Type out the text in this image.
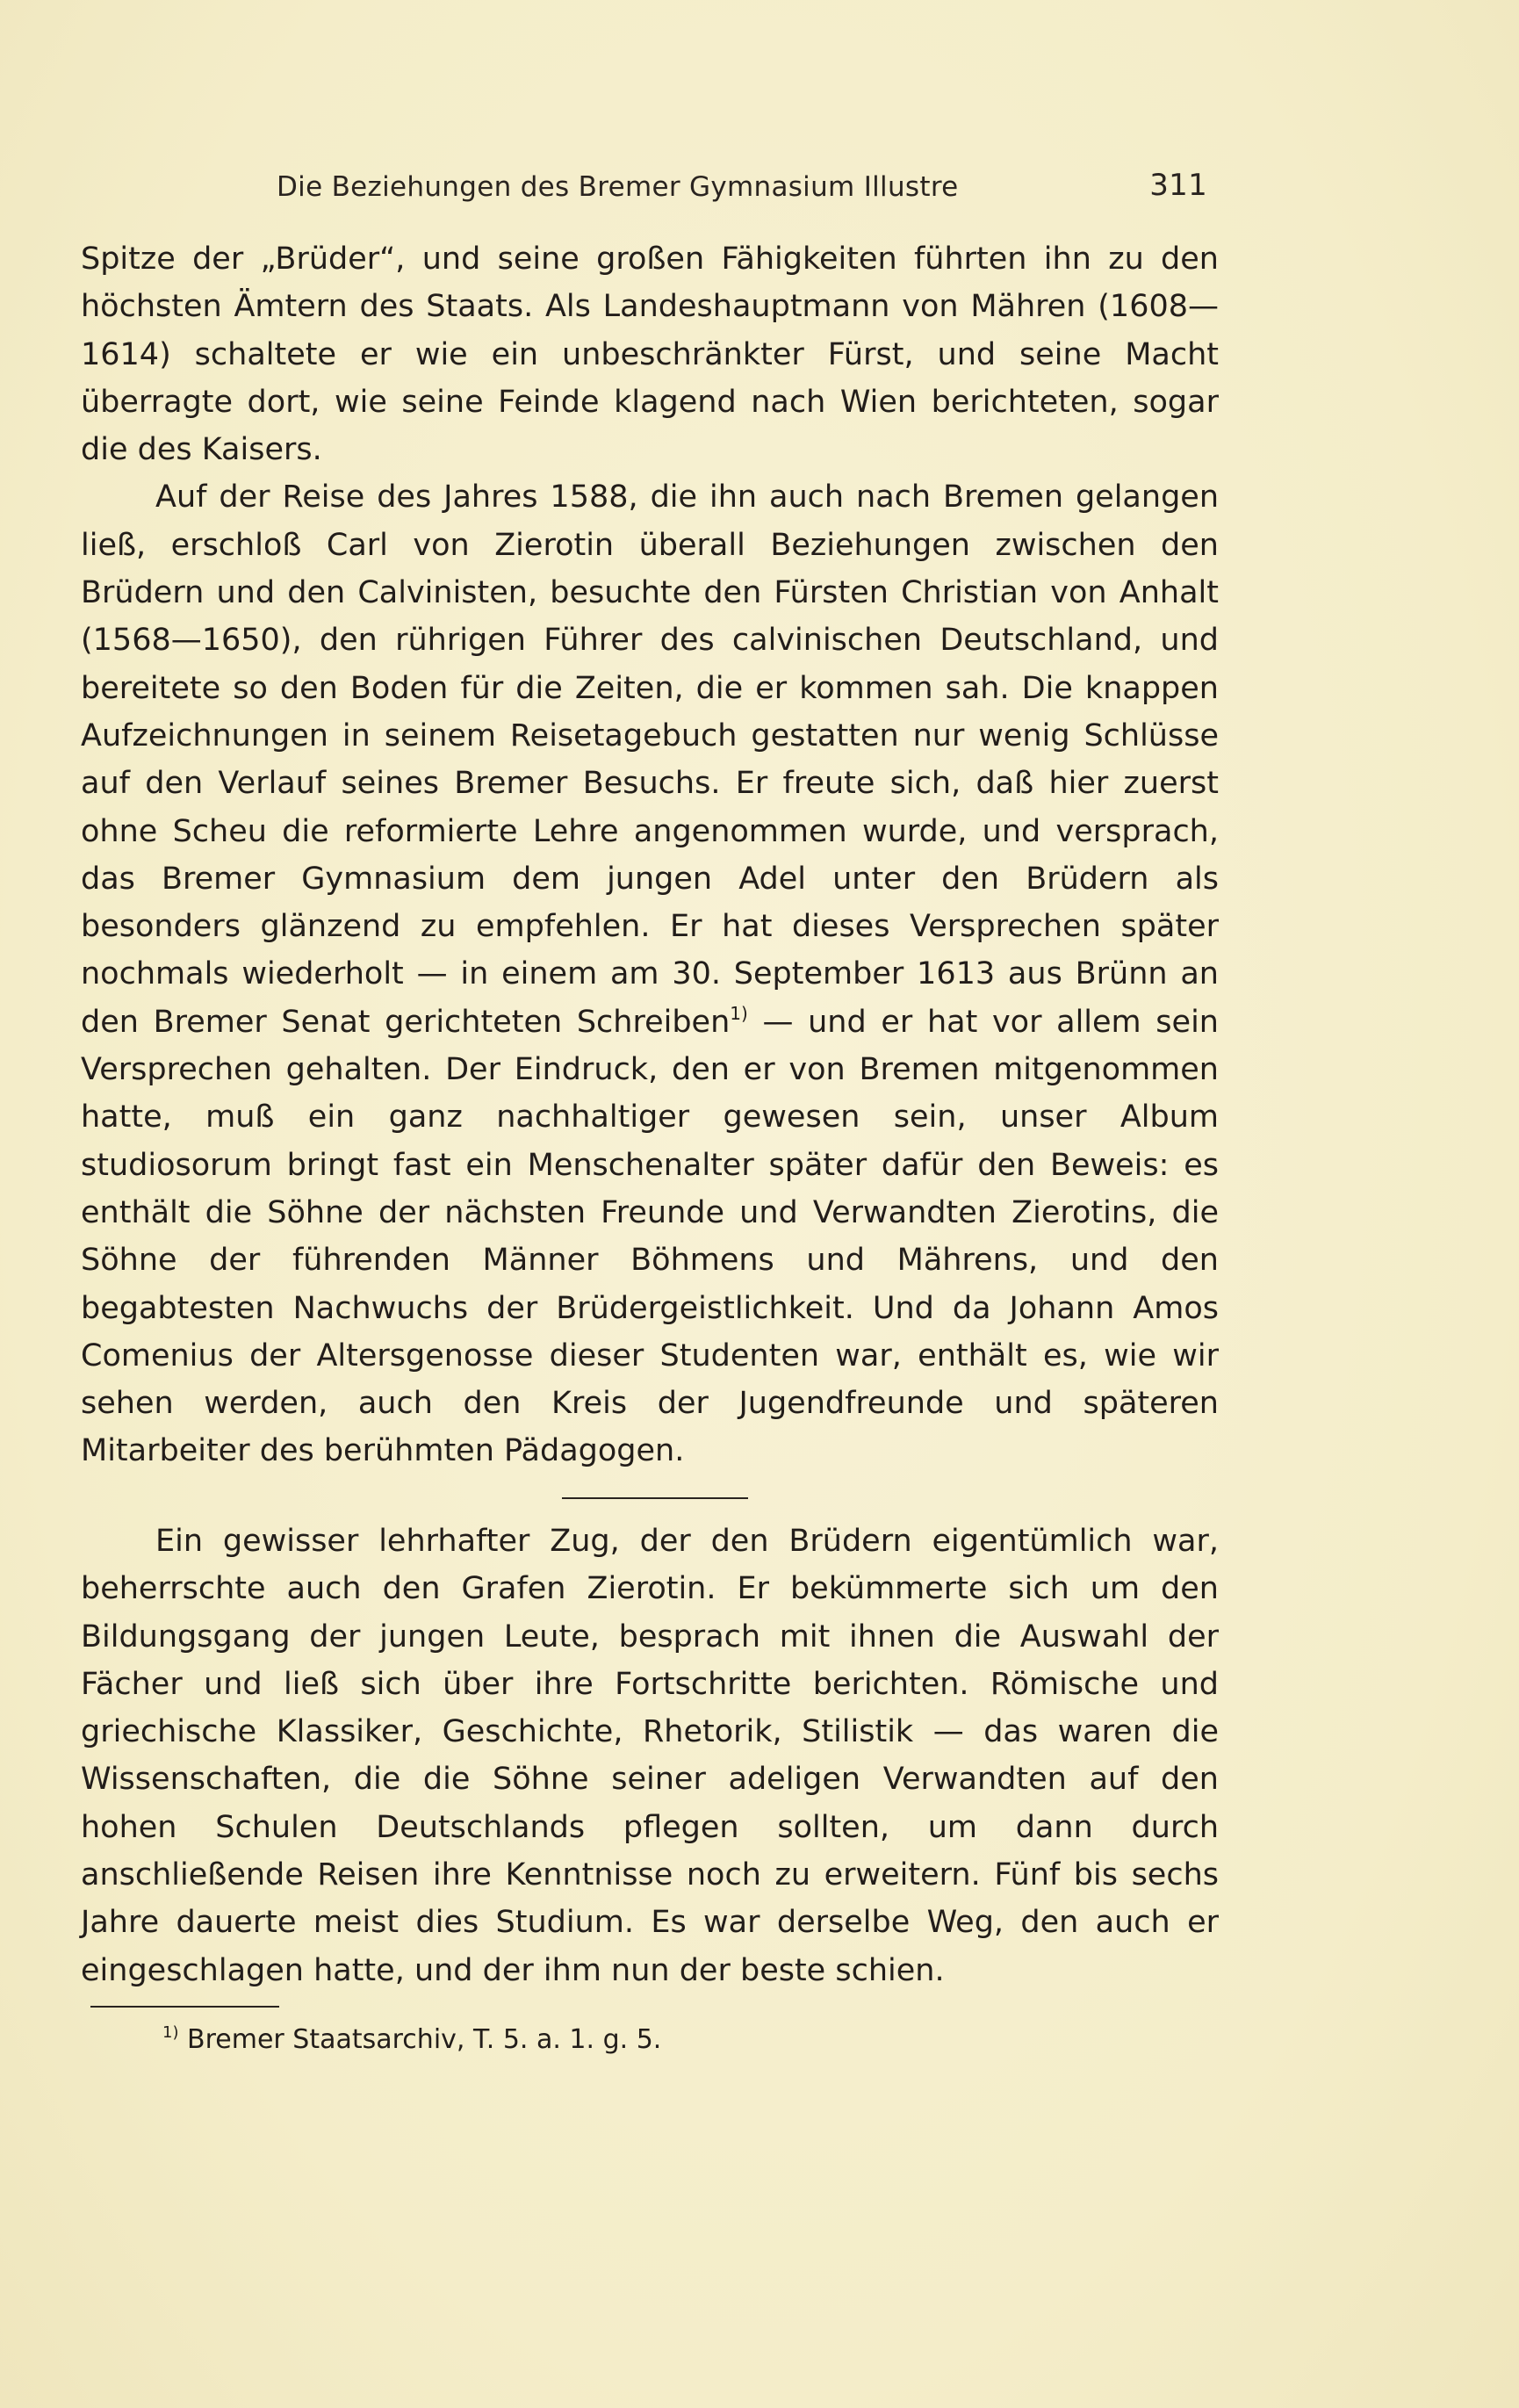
Die Beziehungen des Bremer Gymnasium Illustre	311

Spitze der „Brüder“, und seine großen Fähigkeiten führten ihn zu den höchsten Ämtern des Staats. Als Landeshauptmann von Mähren (1608—1614) schaltete er wie ein unbeschränkter Fürst, und seine Macht überragte dort, wie seine Feinde klagend nach Wien berichteten, sogar die des Kaisers.

Auf der Reise des Jahres 1588, die ihn auch nach Bremen gelangen ließ, erschloß Carl von Zierotin überall Beziehungen zwischen den Brüdern und den Calvinisten, besuchte den Fürsten Christian von Anhalt (1568—1650), den rührigen Führer des calvinischen Deutschland, und bereitete so den Boden für die Zeiten, die er kommen sah. Die knappen Aufzeichnungen in seinem Reisetagebuch gestatten nur wenig Schlüsse auf den Verlauf seines Bremer Besuchs. Er freute sich, daß hier zuerst ohne Scheu die reformierte Lehre angenommen wurde, und versprach, das Bremer Gymnasium dem jungen Adel unter den Brüdern als besonders glänzend zu empfehlen. Er hat dieses Versprechen später nochmals wiederholt — in einem am 30. September 1613 aus Brünn an den Bremer Senat gerichteten Schreiben$^{1)}$ — und er hat vor allem sein Versprechen gehalten. Der Eindruck, den er von Bremen mitgenommen hatte, muß ein ganz nachhaltiger gewesen sein, unser Album studiosorum bringt fast ein Menschenalter später dafür den Beweis: es enthält die Söhne der nächsten Freunde und Verwandten Zierotins, die Söhne der führenden Männer Böhmens und Mährens, und den begabtesten Nachwuchs der Brüdergeistlichkeit. Und da Johann Amos Comenius der Altersgenosse dieser Studenten war, enthält es, wie wir sehen werden, auch den Kreis der Jugendfreunde und späteren Mitarbeiter des berühmten Pädagogen.

Ein gewisser lehrhafter Zug, der den Brüdern eigentümlich war, beherrschte auch den Grafen Zierotin. Er bekümmerte sich um den Bildungsgang der jungen Leute, besprach mit ihnen die Auswahl der Fächer und ließ sich über ihre Fortschritte berichten. Römische und griechische Klassiker, Geschichte, Rhetorik, Stilistik — das waren die Wissenschaften, die die Söhne seiner adeligen Verwandten auf den hohen Schulen Deutschlands pflegen sollten, um dann durch anschließende Reisen ihre Kenntnisse noch zu erweitern. Fünf bis sechs Jahre dauerte meist dies Studium. Es war derselbe Weg, den auch er eingeschlagen hatte, und der ihm nun der beste schien.

$^{1)}$ Bremer Staatsarchiv, T. 5. a. 1. g. 5.
